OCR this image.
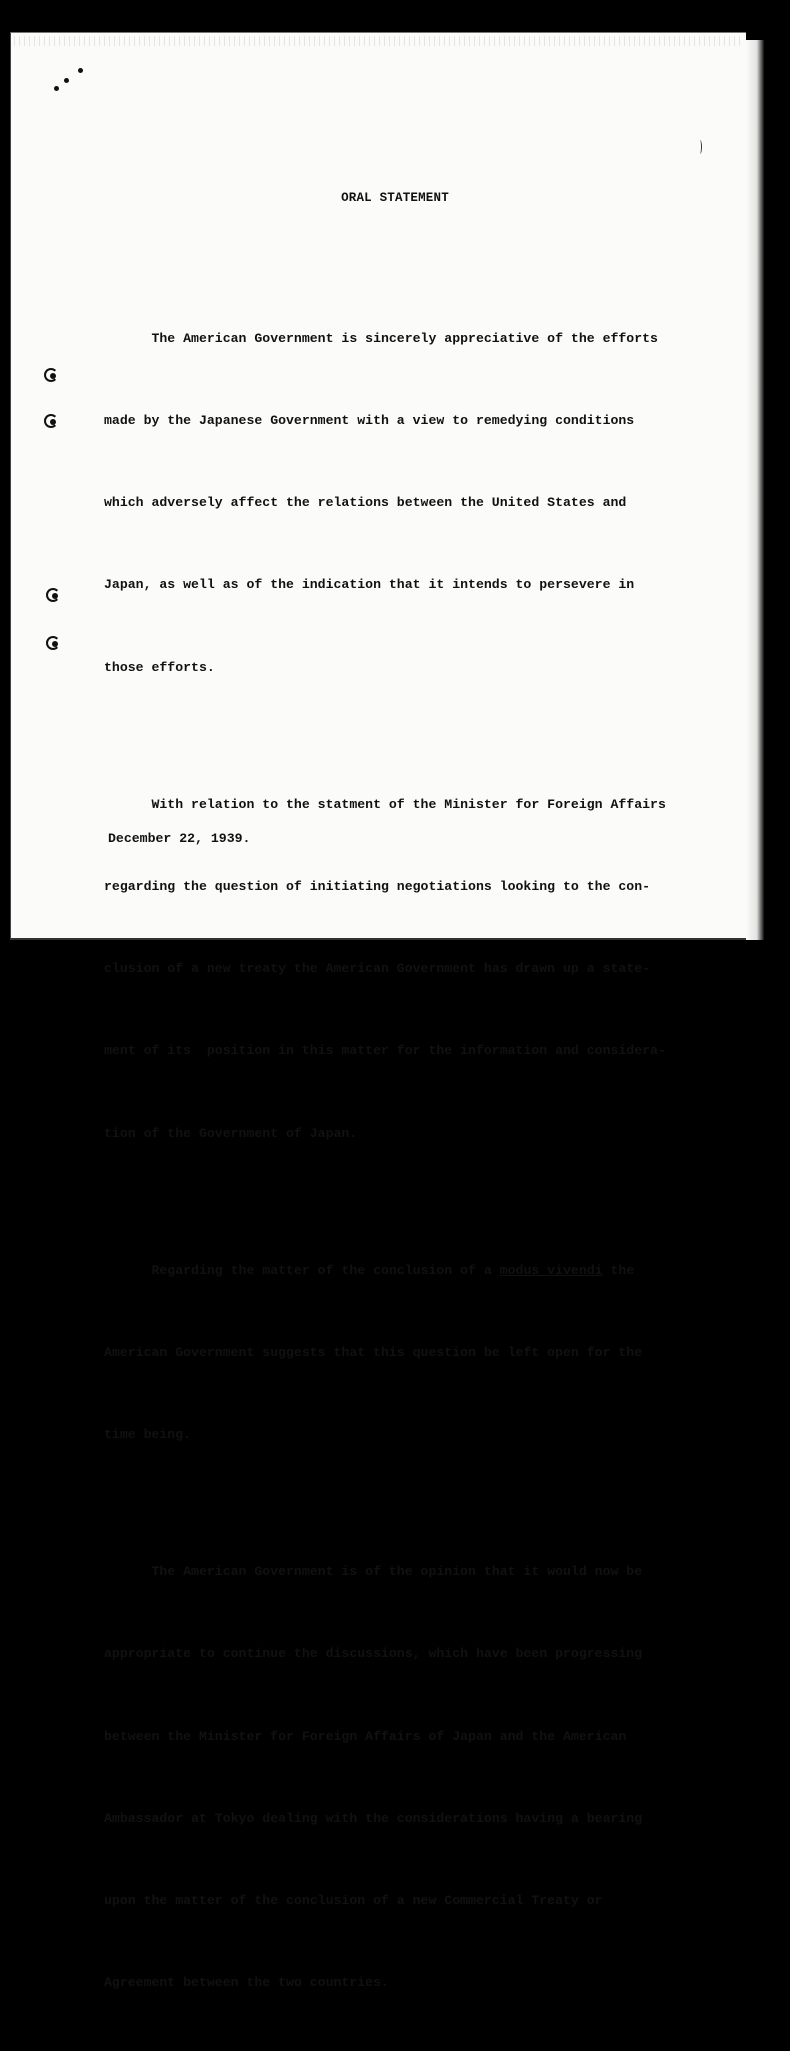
ORAL STATEMENT

The American Government is sincerely appreciative of the efforts

made by the Japanese Government with a view to remedying conditions

which adversely affect the relations between the United States and

Japan, as well as of the indication that it intends to persevere in

those efforts.

With relation to the statment of the Minister for Foreign Affairs

regarding the question of initiating negotiations looking to the con-

clusion of a new treaty the American Government has drawn up a state-

ment of its  position in this matter for the information and considera-

tion of the Government of Japan.

Regarding the matter of the conclusion of a modus vivendi the

American Government suggests that this question be left open for the

time being.

The American Government is of the opinion that it would now be

appropriate to continue the discussions, which have been progressing

between the Minister for Foreign Affairs of Japan and the American

Ambassador at Tokyo dealing with the considerations having a bearing

upon the matter of the conclusion of a new Commercial Treaty or

Agreement between the two countries.

December 22, 1939.
